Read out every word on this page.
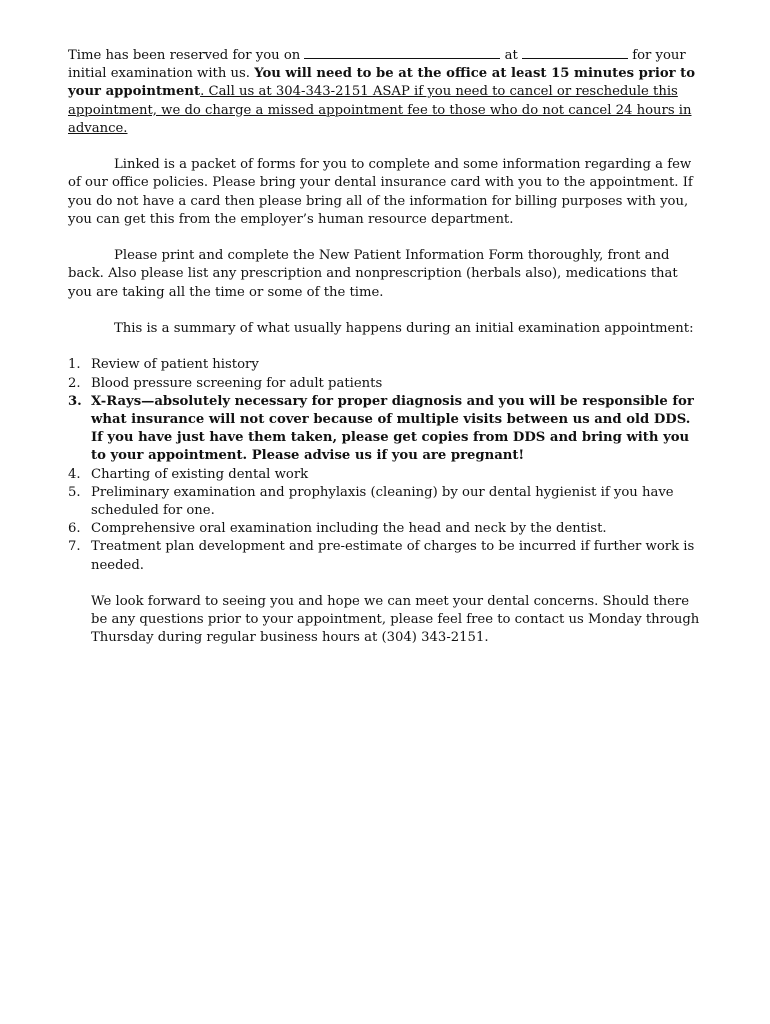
Time has been reserved for you on	at	for your initial examination with us. You will need to be at the office at least 15 minutes prior to your appointment. Call us at 304-343-2151 ASAP if you need to cancel or reschedule this appointment, we do charge a missed appointment fee to those who do not cancel 24 hours in advance.

Linked is a packet of forms for you to complete and some information regarding a few of our office policies. Please bring your dental insurance card with you to the appointment. If you do not have a card then please bring all of the information for billing purposes with you, you can get this from the employer’s human resource department.

Please print and complete the New Patient Information Form thoroughly, front and back. Also please list any prescription and nonprescription (herbals also), medications that you are taking all the time or some of the time.

This is a summary of what usually happens during an initial examination appointment:

1. Review of patient history
2. Blood pressure screening for adult patients
3. X-Rays—absolutely necessary for proper diagnosis and you will be responsible for what insurance will not cover because of multiple visits between us and old DDS. If you have just have them taken, please get copies from DDS and bring with you to your appointment. Please advise us if you are pregnant!
4. Charting of existing dental work
5. Preliminary examination and prophylaxis (cleaning) by our dental hygienist if you have scheduled for one.
6. Comprehensive oral examination including the head and neck by the dentist.
7. Treatment plan development and pre-estimate of charges to be incurred if further work is needed.

We look forward to seeing you and hope we can meet your dental concerns. Should there be any questions prior to your appointment, please feel free to contact us Monday through Thursday during regular business hours at (304) 343-2151.
